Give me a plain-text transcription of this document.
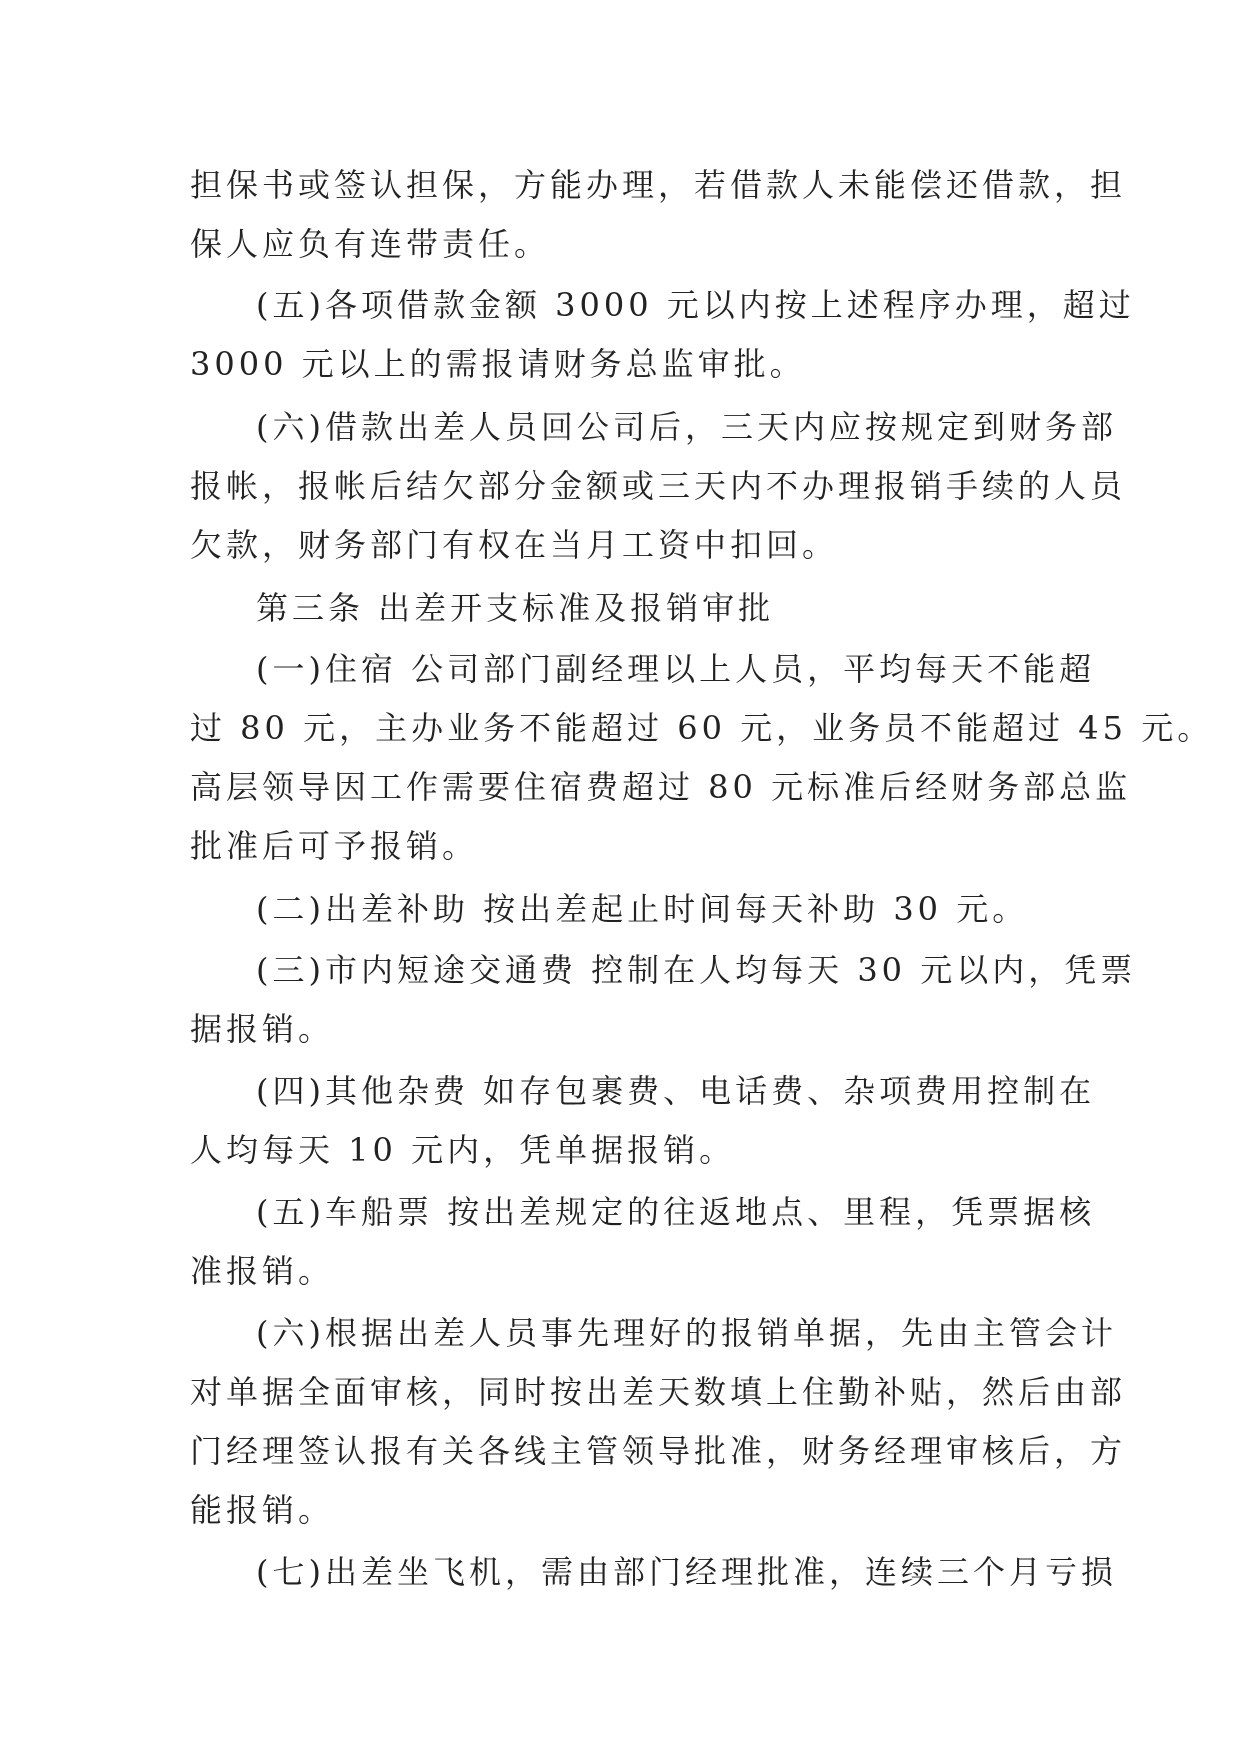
担保书或签认担保，方能办理，若借款人未能偿还借款，担
保人应负有连带责任。
(五)各项借款金额 3000 元以内按上述程序办理，超过
3000 元以上的需报请财务总监审批。
(六)借款出差人员回公司后，三天内应按规定到财务部
报帐，报帐后结欠部分金额或三天内不办理报销手续的人员
欠款，财务部门有权在当月工资中扣回。
第三条 出差开支标准及报销审批
(一)住宿 公司部门副经理以上人员，平均每天不能超
过 80 元，主办业务不能超过 60 元，业务员不能超过 45 元。
高层领导因工作需要住宿费超过 80 元标准后经财务部总监
批准后可予报销。
(二)出差补助 按出差起止时间每天补助 30 元。
(三)市内短途交通费 控制在人均每天 30 元以内，凭票
据报销。
(四)其他杂费 如存包裹费、电话费、杂项费用控制在
人均每天 10 元内，凭单据报销。
(五)车船票 按出差规定的往返地点、里程，凭票据核
准报销。
(六)根据出差人员事先理好的报销单据，先由主管会计
对单据全面审核，同时按出差天数填上住勤补贴，然后由部
门经理签认报有关各线主管领导批准，财务经理审核后，方
能报销。
(七)出差坐飞机，需由部门经理批准，连续三个月亏损
